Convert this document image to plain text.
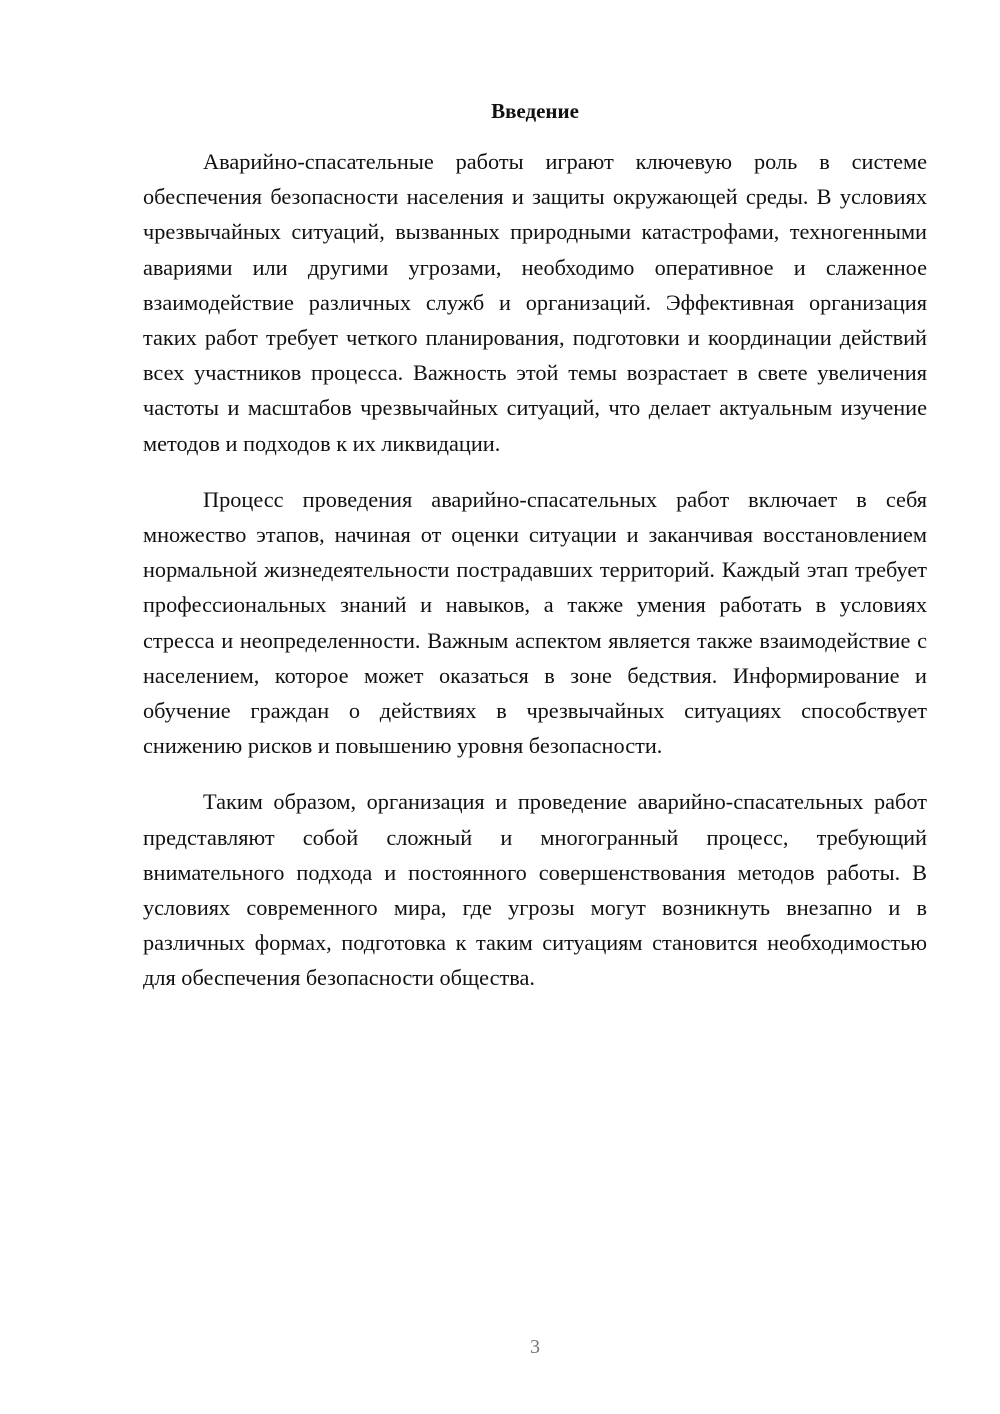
Введение

Аварийно-спасательные работы играют ключевую роль в системе обеспечения безопасности населения и защиты окружающей среды. В условиях чрезвычайных ситуаций, вызванных природными катастрофами, техногенными авариями или другими угрозами, необходимо оперативное и слаженное взаимодействие различных служб и организаций. Эффективная организация таких работ требует четкого планирования, подготовки и координации действий всех участников процесса. Важность этой темы возрастает в свете увеличения частоты и масштабов чрезвычайных ситуаций, что делает актуальным изучение методов и подходов к их ликвидации.

Процесс проведения аварийно-спасательных работ включает в себя множество этапов, начиная от оценки ситуации и заканчивая восстановлением нормальной жизнедеятельности пострадавших территорий. Каждый этап требует профессиональных знаний и навыков, а также умения работать в условиях стресса и неопределенности. Важным аспектом является также взаимодействие с населением, которое может оказаться в зоне бедствия. Информирование и обучение граждан о действиях в чрезвычайных ситуациях способствует снижению рисков и повышению уровня безопасности.

Таким образом, организация и проведение аварийно-спасательных работ представляют собой сложный и многогранный процесс, требующий внимательного подхода и постоянного совершенствования методов работы. В условиях современного мира, где угрозы могут возникнуть внезапно и в различных формах, подготовка к таким ситуациям становится необходимостью для обеспечения безопасности общества.

3
